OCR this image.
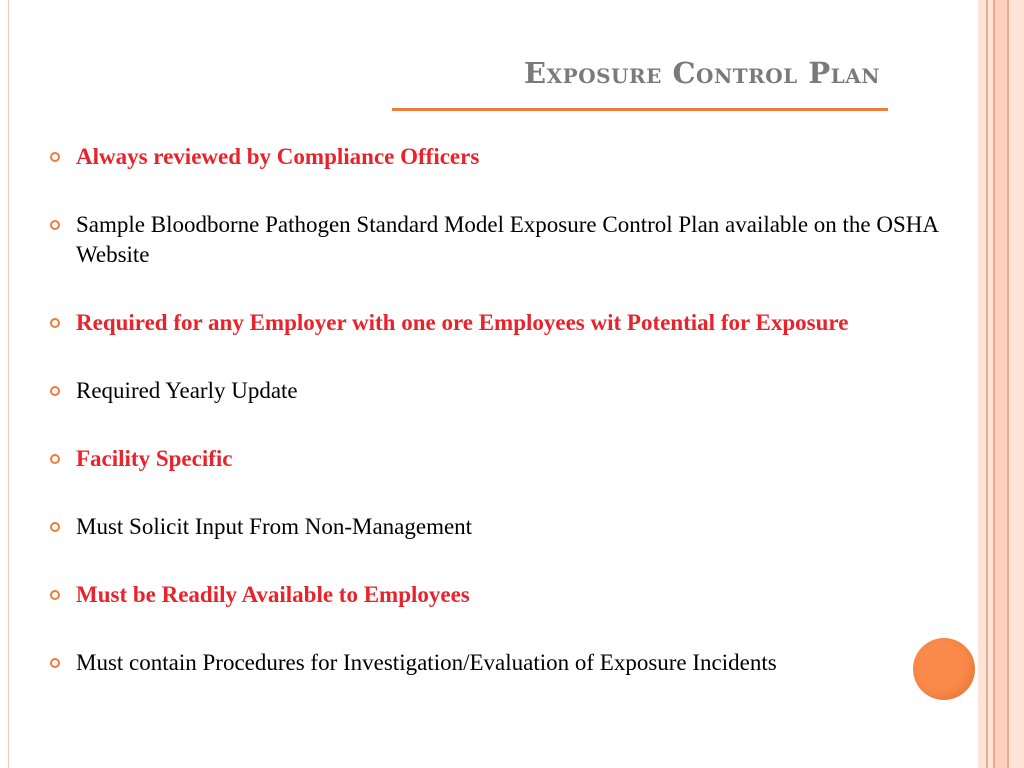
Exposure Control Plan
Always reviewed by Compliance Officers
Sample Bloodborne Pathogen Standard Model Exposure Control Plan available on the OSHA Website
Required for any Employer with one ore Employees wit Potential for Exposure
Required Yearly Update
Facility Specific
Must Solicit Input From Non-Management
Must be Readily Available to Employees
Must contain Procedures for Investigation/Evaluation of Exposure Incidents
